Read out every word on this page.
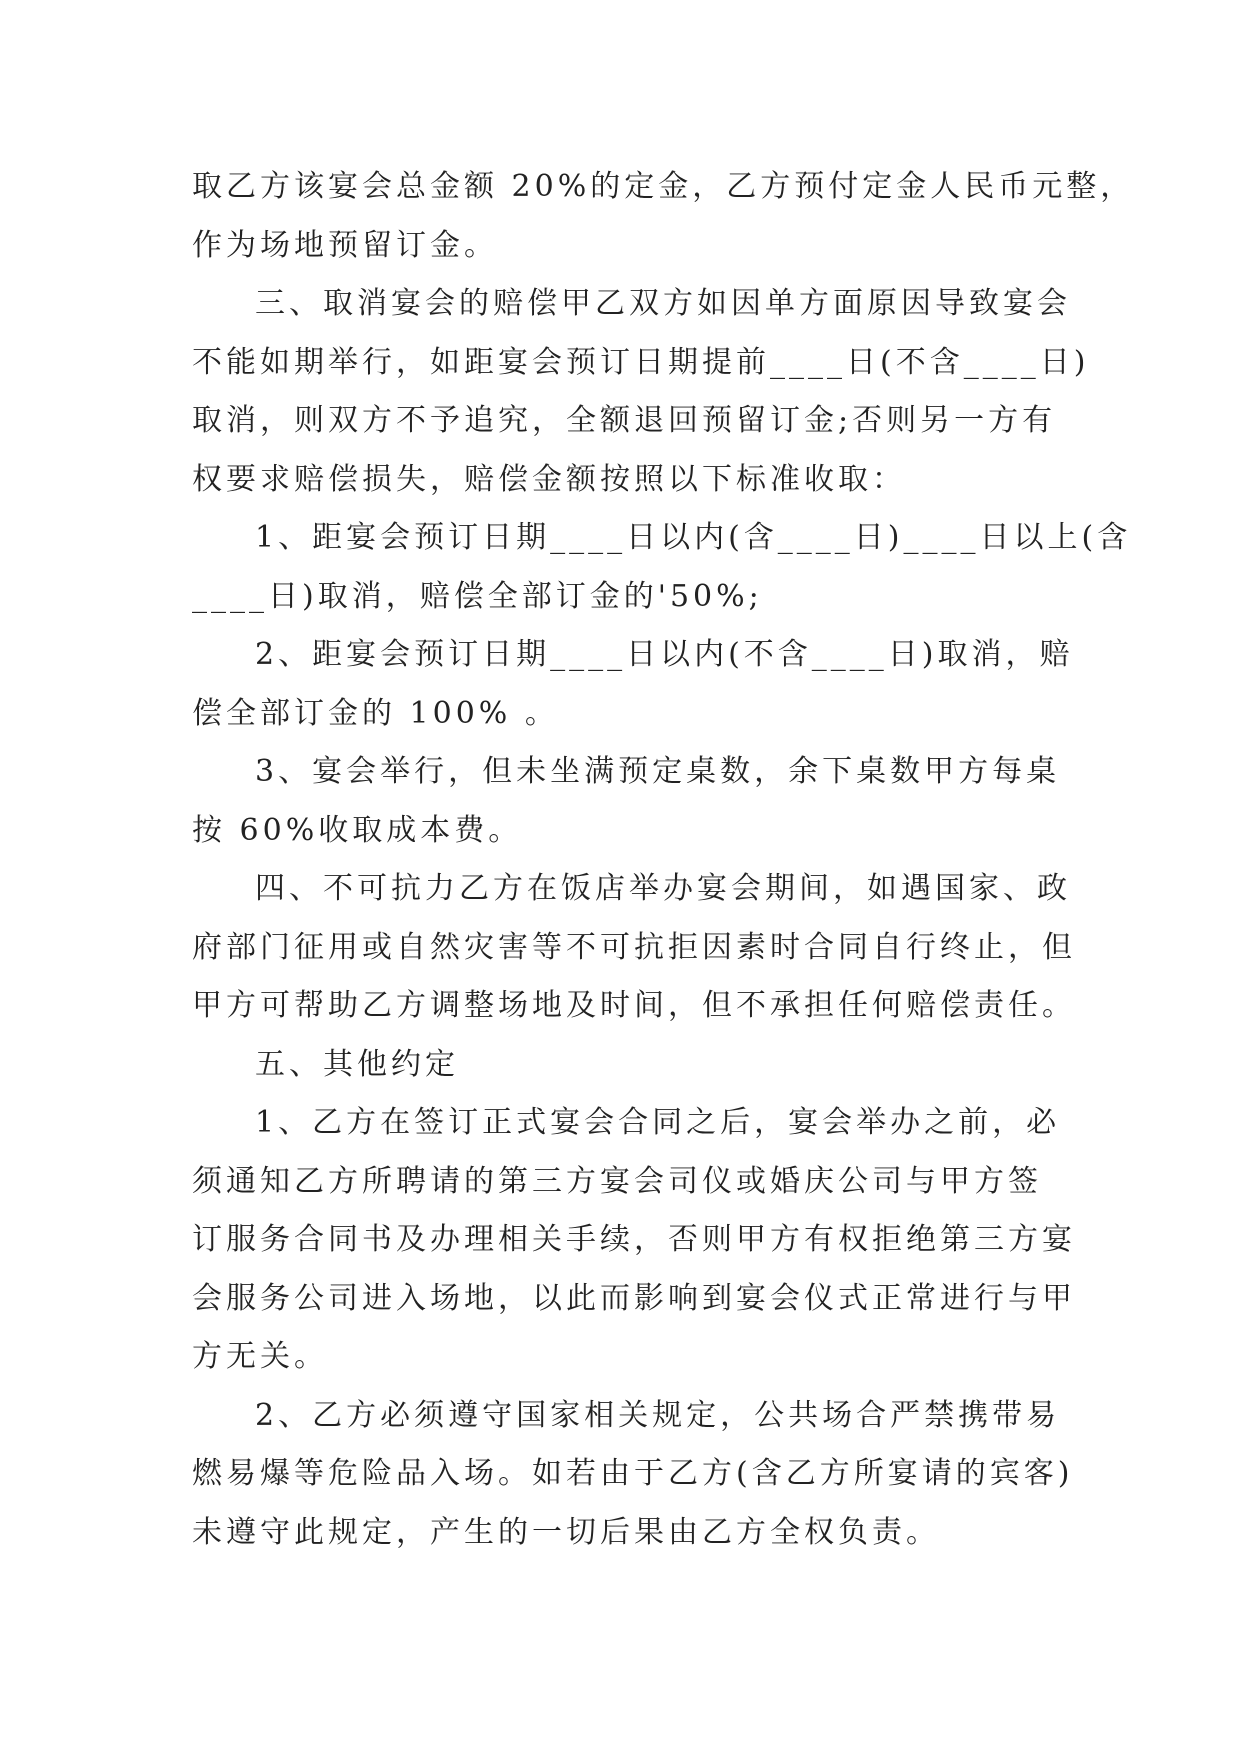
取乙方该宴会总金额 20%的定金，乙方预付定金人民币元整，
作为场地预留订金。
三、取消宴会的赔偿甲乙双方如因单方面原因导致宴会
不能如期举行，如距宴会预订日期提前____日(不含____日)
取消，则双方不予追究，全额退回预留订金;否则另一方有
权要求赔偿损失，赔偿金额按照以下标准收取：
1、距宴会预订日期____日以内(含____日)____日以上(含
____日)取消，赔偿全部订金的'50%;
2、距宴会预订日期____日以内(不含____日)取消，赔
偿全部订金的 100% 。
3、宴会举行，但未坐满预定桌数，余下桌数甲方每桌
按 60%收取成本费。
四、不可抗力乙方在饭店举办宴会期间，如遇国家、政
府部门征用或自然灾害等不可抗拒因素时合同自行终止，但
甲方可帮助乙方调整场地及时间，但不承担任何赔偿责任。
五、其他约定
1、乙方在签订正式宴会合同之后，宴会举办之前，必
须通知乙方所聘请的第三方宴会司仪或婚庆公司与甲方签
订服务合同书及办理相关手续，否则甲方有权拒绝第三方宴
会服务公司进入场地，以此而影响到宴会仪式正常进行与甲
方无关。
2、乙方必须遵守国家相关规定，公共场合严禁携带易
燃易爆等危险品入场。如若由于乙方(含乙方所宴请的宾客)
未遵守此规定，产生的一切后果由乙方全权负责。
